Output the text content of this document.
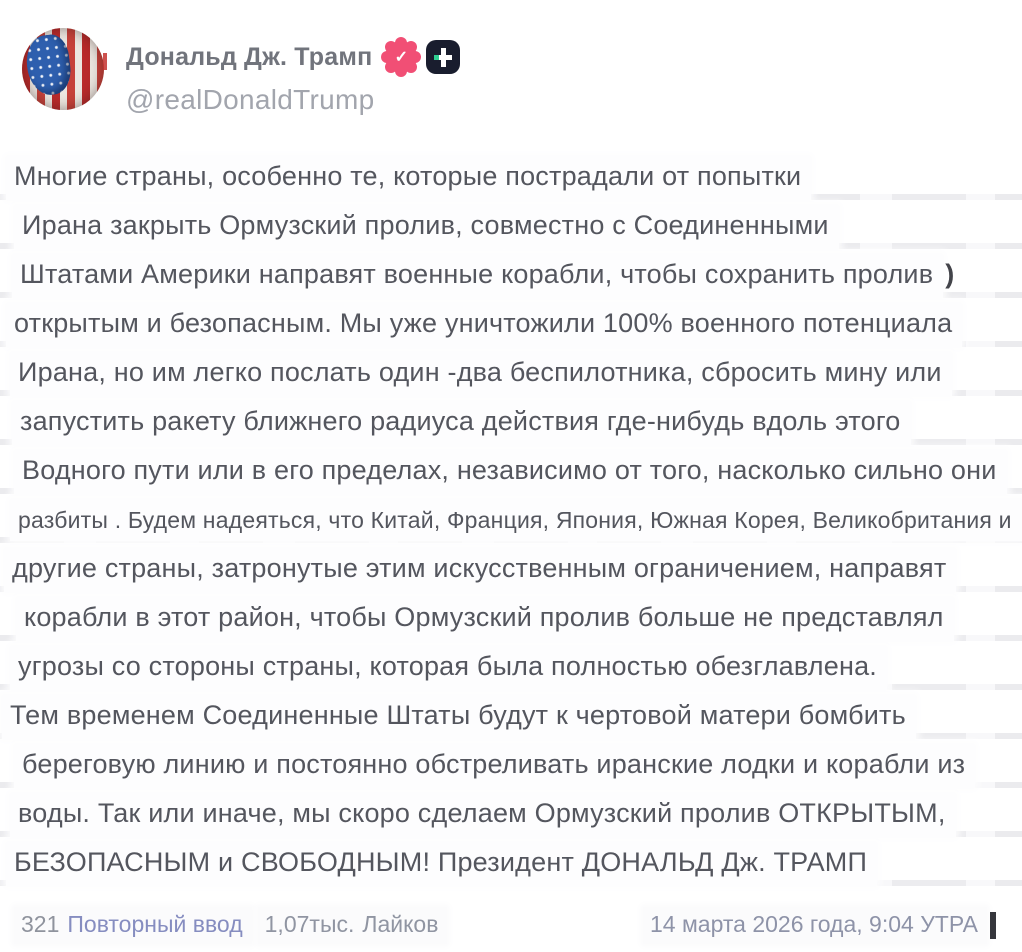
Дональд Дж. Трамп	✓
@realDonaldTrump
Многие страны, особенно те, которые пострадали от попытки
Ирана закрыть Ормузский пролив, совместно с Соединенными
Штатами Америки направят военные корабли, чтобы сохранить пролив )
открытым и безопасным. Мы уже уничтожили 100% военного потенциала
Ирана, но им легко послать один -два беспилотника, сбросить мину или
запустить ракету ближнего радиуса действия где-нибудь вдоль этого
Водного пути или в его пределах, независимо от того, насколько сильно они
разбиты . Будем надеяться, что Китай, Франция, Япония, Южная Корея, Великобритания и
другие страны, затронутые этим искусственным ограничением, направят
корабли в этот район, чтобы Ормузский пролив больше не представлял
угрозы со стороны страны, которая была полностью обезглавлена.
Тем временем Соединенные Штаты будут к чертовой матери бомбить
береговую линию и постоянно обстреливать иранские лодки и корабли из
воды. Так или иначе, мы скоро сделаем Ормузский пролив ОТКРЫТЫМ,
БЕЗОПАСНЫМ и СВОБОДНЫМ! Президент ДОНАЛЬД Дж. ТРАМП
321 Повторный ввод 1,07тыс. Лайков	14 марта 2026 года, 9:04 УТРА
